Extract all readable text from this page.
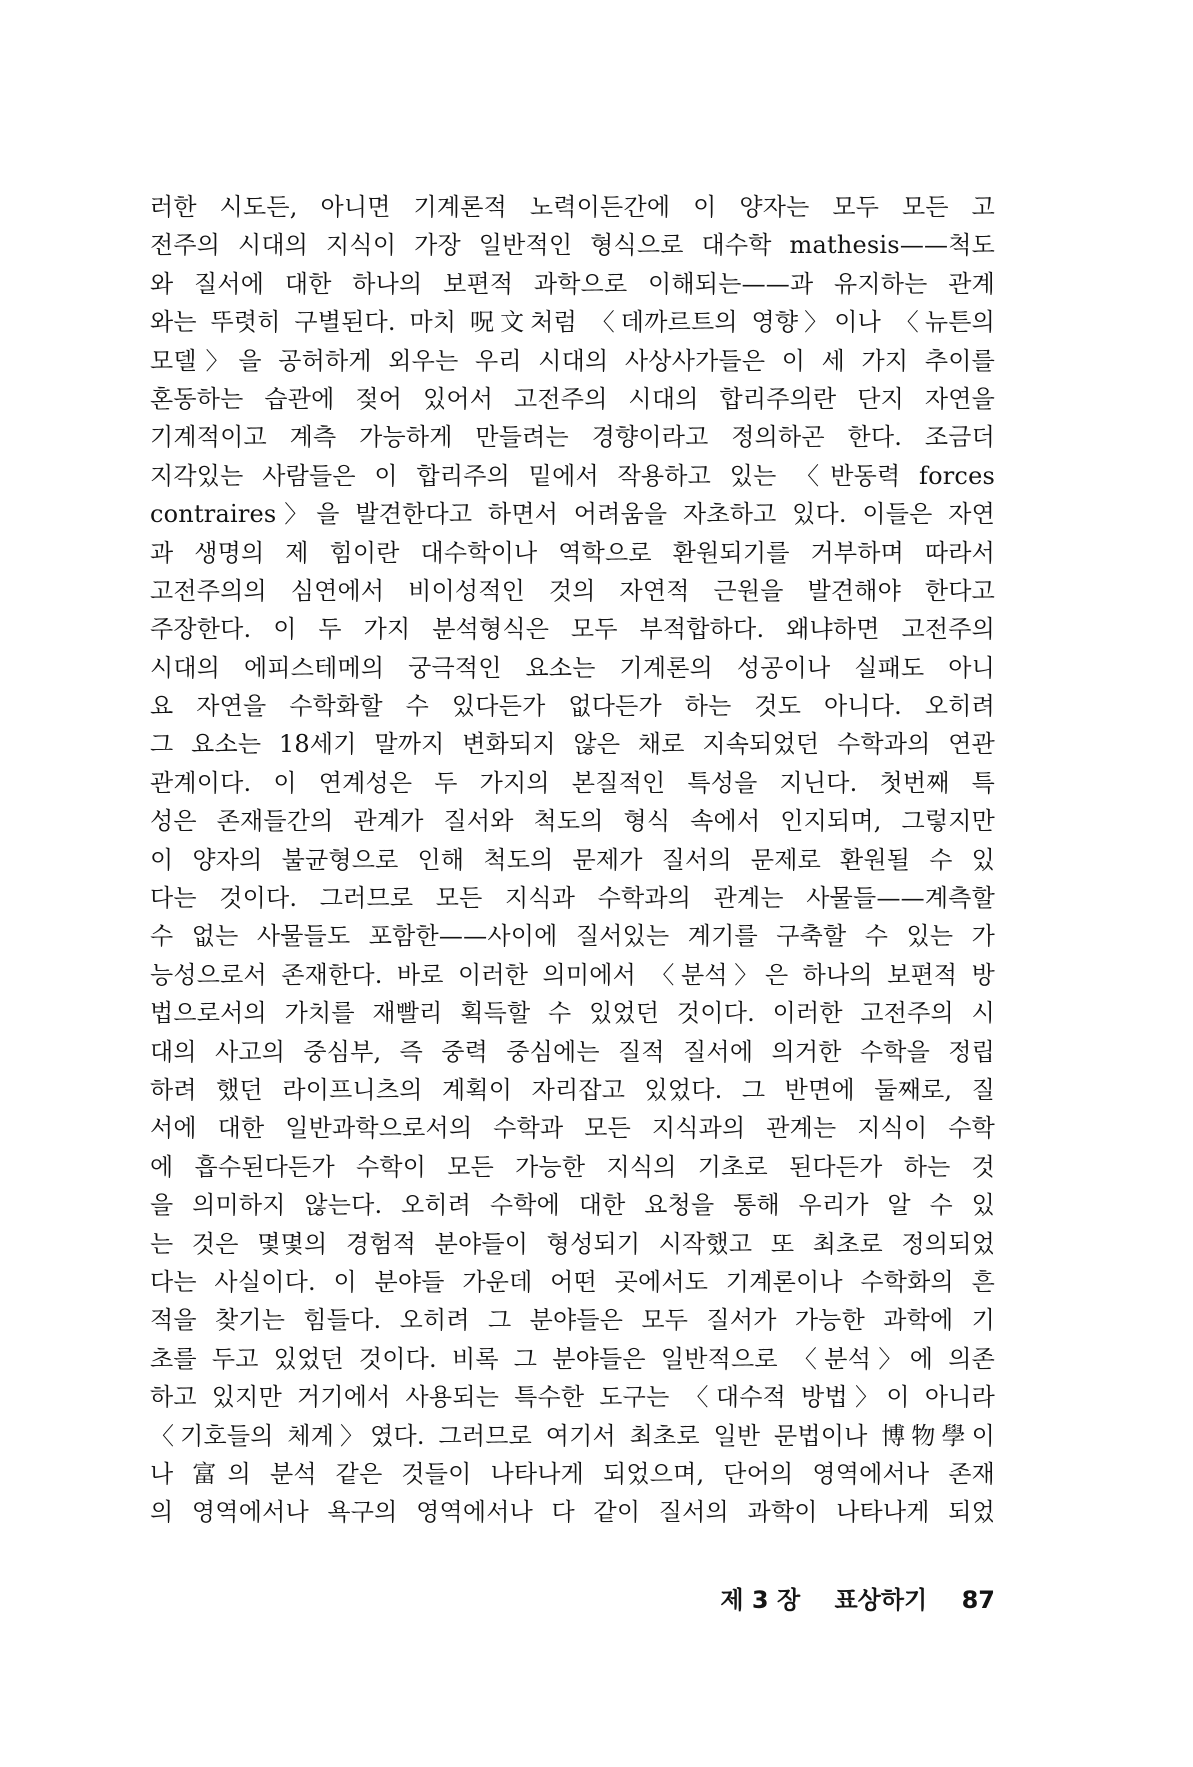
러한 시도든, 아니면 기계론적 노력이든간에 이 양자는 모두 모든 고
전주의 시대의 지식이 가장 일반적인 형식으로 대수학 mathesis——척도
와 질서에 대한 하나의 보편적 과학으로 이해되는——과 유지하는 관계
와는 뚜렷히 구별된다. 마치 呪文처럼 〈데까르트의 영향〉이나 〈뉴튼의
모델〉을 공허하게 외우는 우리 시대의 사상사가들은 이 세 가지 추이를
혼동하는 습관에 젖어 있어서 고전주의 시대의 합리주의란 단지 자연을
기계적이고 계측 가능하게 만들려는 경향이라고 정의하곤 한다. 조금더
지각있는 사람들은 이 합리주의 밑에서 작용하고 있는 〈반동력 forces
contraires〉을 발견한다고 하면서 어려움을 자초하고 있다. 이들은 자연
과 생명의 제 힘이란 대수학이나 역학으로 환원되기를 거부하며 따라서
고전주의의 심연에서 비이성적인 것의 자연적 근원을 발견해야 한다고
주장한다. 이 두 가지 분석형식은 모두 부적합하다. 왜냐하면 고전주의
시대의 에피스테메의 궁극적인 요소는 기계론의 성공이나 실패도 아니
요 자연을 수학화할 수 있다든가 없다든가 하는 것도 아니다. 오히려
그 요소는 18세기 말까지 변화되지 않은 채로 지속되었던 수학과의 연관
관계이다. 이 연계성은 두 가지의 본질적인 특성을 지닌다. 첫번째 특
성은 존재들간의 관계가 질서와 척도의 형식 속에서 인지되며, 그렇지만
이 양자의 불균형으로 인해 척도의 문제가 질서의 문제로 환원될 수 있
다는 것이다. 그러므로 모든 지식과 수학과의 관계는 사물들——계측할
수 없는 사물들도 포함한——사이에 질서있는 계기를 구축할 수 있는 가
능성으로서 존재한다. 바로 이러한 의미에서 〈분석〉은 하나의 보편적 방
법으로서의 가치를 재빨리 획득할 수 있었던 것이다. 이러한 고전주의 시
대의 사고의 중심부, 즉 중력 중심에는 질적 질서에 의거한 수학을 정립
하려 했던 라이프니츠의 계획이 자리잡고 있었다. 그 반면에 둘째로, 질
서에 대한 일반과학으로서의 수학과 모든 지식과의 관계는 지식이 수학
에 흡수된다든가 수학이 모든 가능한 지식의 기초로 된다든가 하는 것
을 의미하지 않는다. 오히려 수학에 대한 요청을 통해 우리가 알 수 있
는 것은 몇몇의 경험적 분야들이 형성되기 시작했고 또 최초로 정의되었
다는 사실이다. 이 분야들 가운데 어떤 곳에서도 기계론이나 수학화의 흔
적을 찾기는 힘들다. 오히려 그 분야들은 모두 질서가 가능한 과학에 기
초를 두고 있었던 것이다. 비록 그 분야들은 일반적으로 〈분석〉에 의존
하고 있지만 거기에서 사용되는 특수한 도구는 〈대수적 방법〉이 아니라
〈기호들의 체계〉였다. 그러므로 여기서 최초로 일반 문법이나 博物學이
나 富의 분석 같은 것들이 나타나게 되었으며, 단어의 영역에서나 존재
의 영역에서나 욕구의 영역에서나 다 같이 질서의 과학이 나타나게 되었
제 3 장 표상하기 87
